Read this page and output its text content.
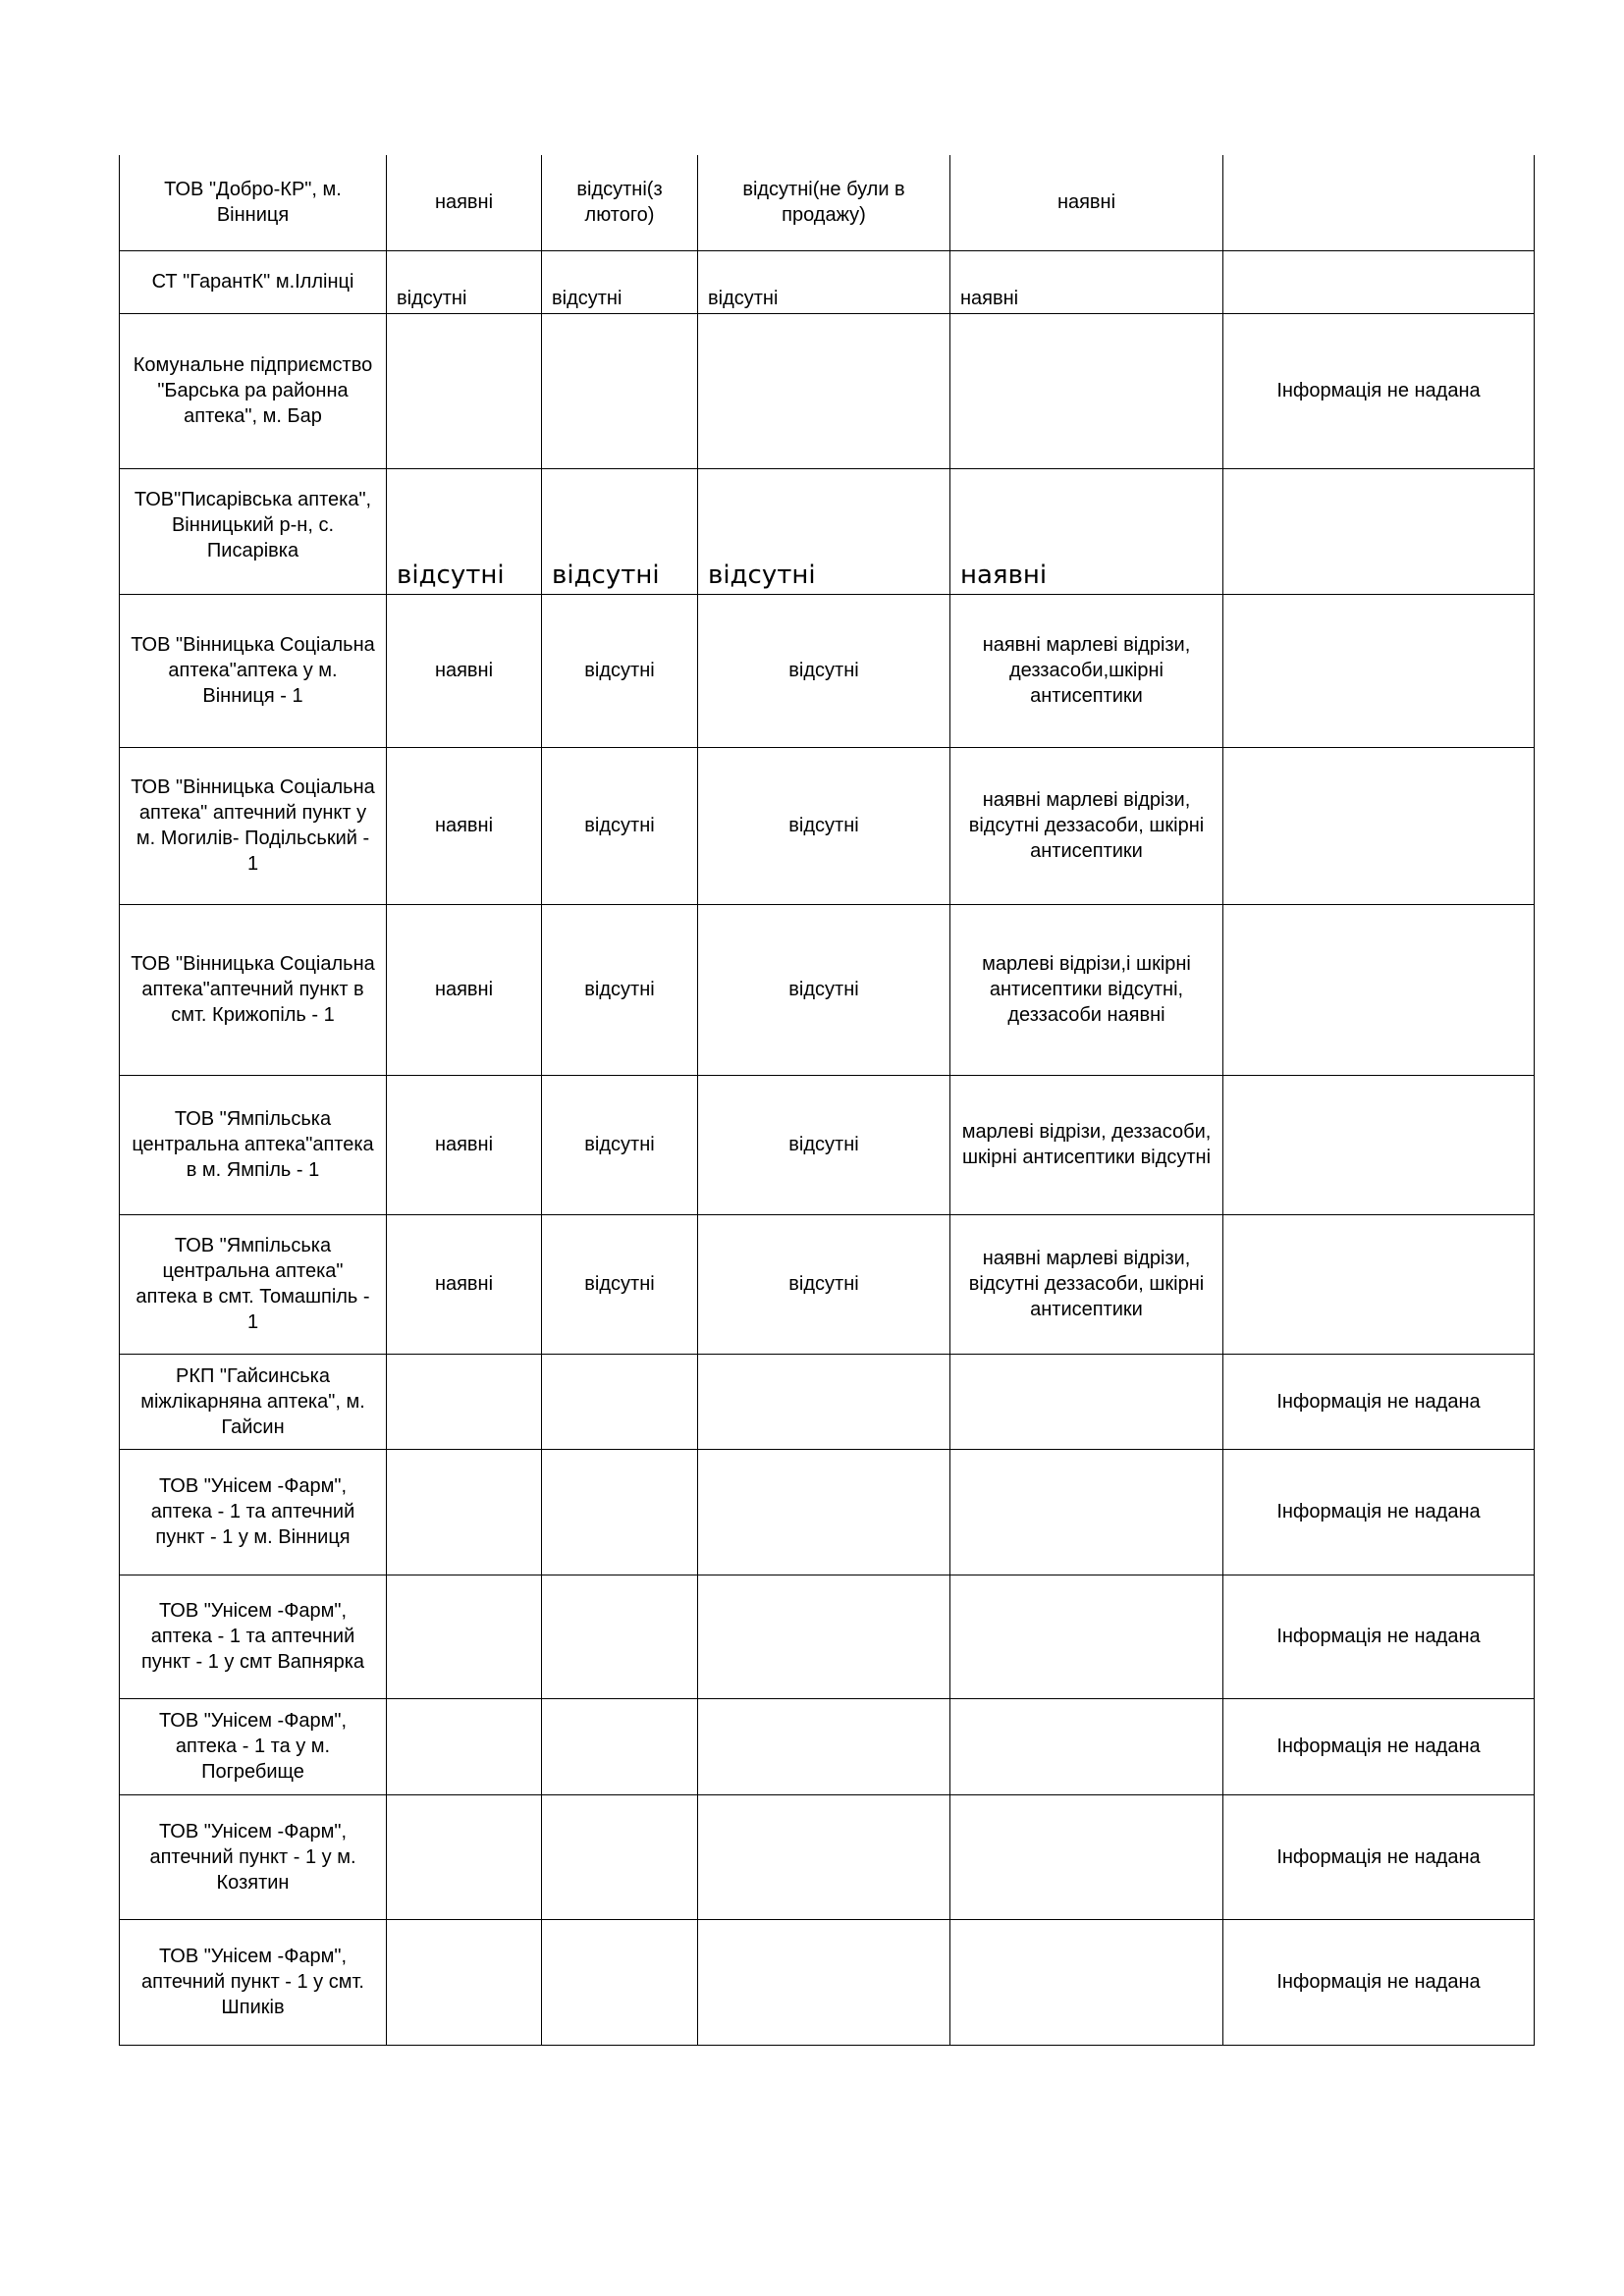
ТОВ "Добро-КР", м. Вінниця	наявні	відсутні(з лютого)	відсутні(не були в продажу)	наявні	
СТ "ГарантК" м.Іллінці	відсутні	відсутні	відсутні	наявні	
Комунальне підприємство "Барська ра районна аптека", м. Бар					Інформація не надана
ТОВ"Писарівська аптека", Вінницький р-н, с. Писарівка	відсутні	відсутні	відсутні	наявні	
ТОВ "Вінницька Соціальна аптека"аптека у м. Вінниця - 1	наявні	відсутні	відсутні	наявні марлеві відрізи, деззасоби,шкірні антисептики	
ТОВ "Вінницька Соціальна аптека" аптечний пункт у м. Могилів- Подільський - 1	наявні	відсутні	відсутні	наявні марлеві відрізи, відсутні деззасоби, шкірні антисептики	
ТОВ "Вінницька Соціальна аптека"аптечний пункт в смт. Крижопіль - 1	наявні	відсутні	відсутні	марлеві відрізи,і шкірні антисептики відсутні, деззасоби наявні	
ТОВ "Ямпільська центральна аптека"аптека в м. Ямпіль - 1	наявні	відсутні	відсутні	марлеві відрізи, деззасоби, шкірні антисептики відсутні	
ТОВ "Ямпільська центральна аптека" аптека в смт. Томашпіль - 1	наявні	відсутні	відсутні	наявні марлеві відрізи, відсутні деззасоби, шкірні антисептики	
РКП "Гайсинська міжлікарняна аптека", м. Гайсин					Інформація не надана
ТОВ "Унісем -Фарм", аптека - 1 та аптечний пункт - 1 у м. Вінниця					Інформація не надана
ТОВ "Унісем -Фарм", аптека - 1 та аптечний пункт - 1 у смт Вапнярка					Інформація не надана
ТОВ "Унісем -Фарм", аптека - 1 та у м. Погребище					Інформація не надана
ТОВ "Унісем -Фарм", аптечний пункт - 1 у м. Козятин					Інформація не надана
ТОВ "Унісем -Фарм", аптечний пункт - 1 у смт. Шпиків					Інформація не надана
